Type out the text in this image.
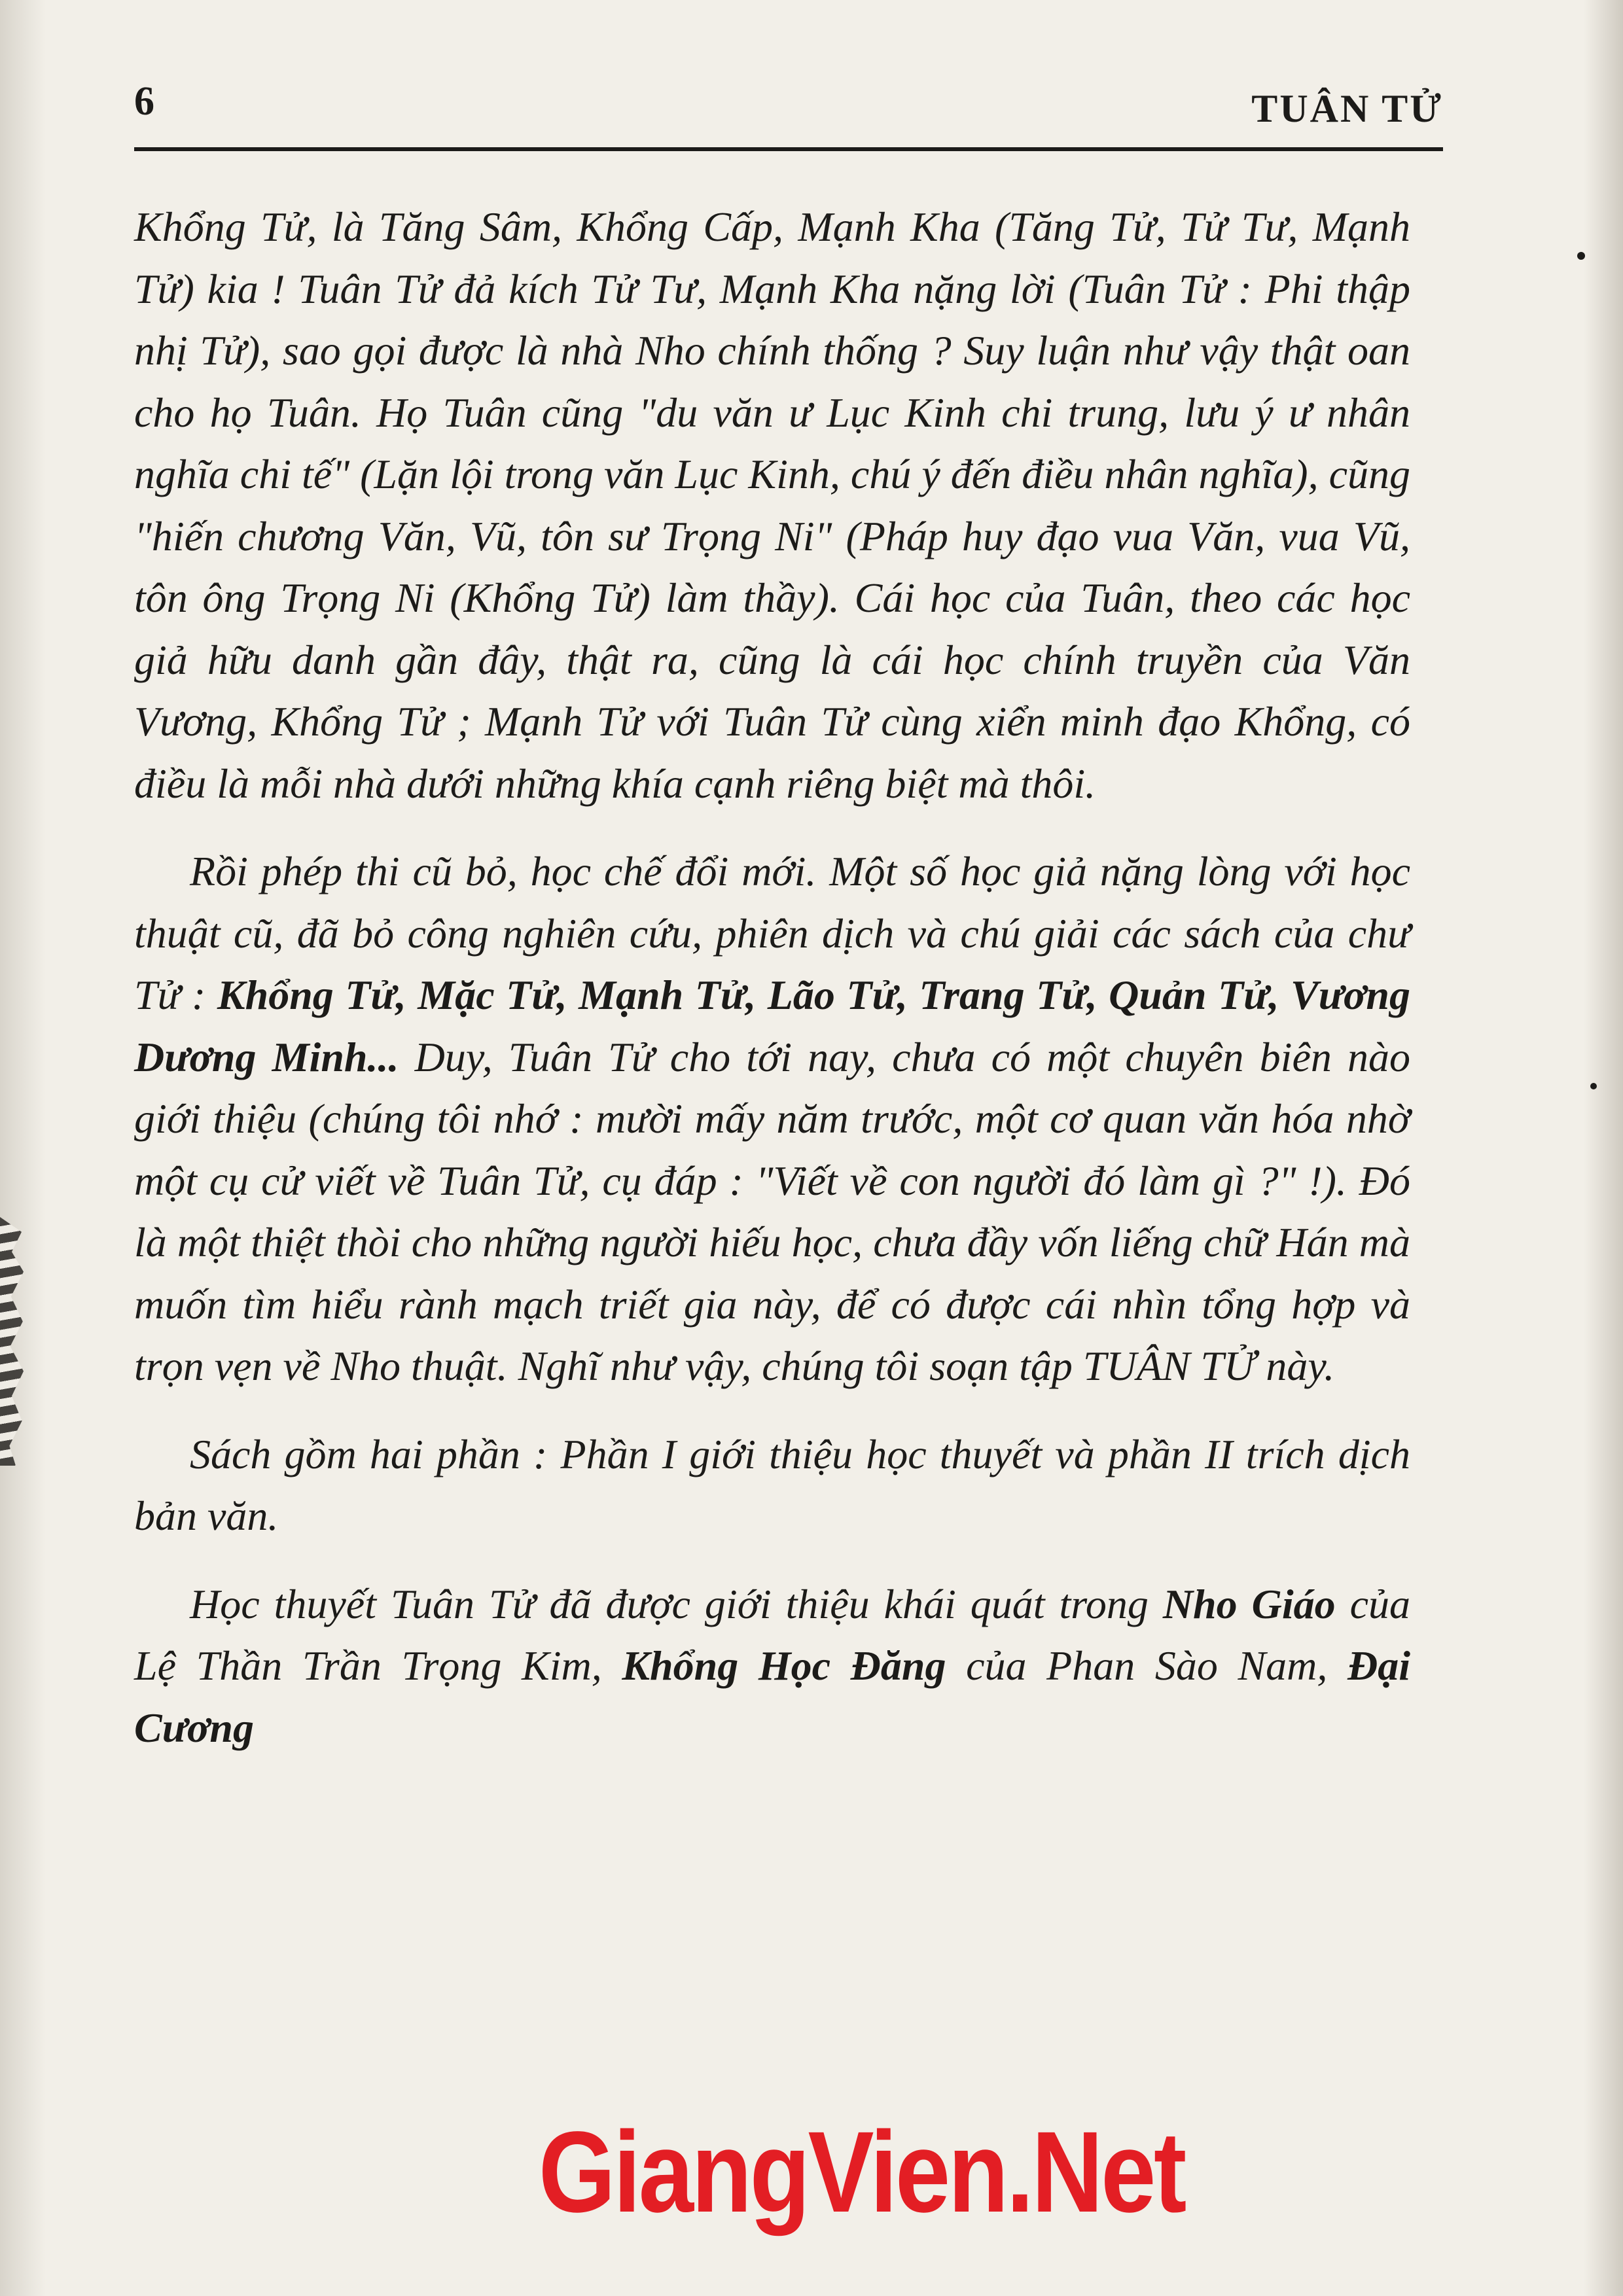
6	TUÂN TỬ

Khổng Tử, là Tăng Sâm, Khổng Cấp, Mạnh Kha (Tăng Tử, Tử Tư, Mạnh Tử) kia ! Tuân Tử đả kích Tử Tư, Mạnh Kha nặng lời (Tuân Tử : Phi thập nhị Tử), sao gọi được là nhà Nho chính thống ? Suy luận như vậy thật oan cho họ Tuân. Họ Tuân cũng "du văn ư Lục Kinh chi trung, lưu ý ư nhân nghĩa chi tế" (Lặn lội trong văn Lục Kinh, chú ý đến điều nhân nghĩa), cũng "hiến chương Văn, Vũ, tôn sư Trọng Ni" (Pháp huy đạo vua Văn, vua Vũ, tôn ông Trọng Ni (Khổng Tử) làm thầy). Cái học của Tuân, theo các học giả hữu danh gần đây, thật ra, cũng là cái học chính truyền của Văn Vương, Khổng Tử ; Mạnh Tử với Tuân Tử cùng xiển minh đạo Khổng, có điều là mỗi nhà dưới những khía cạnh riêng biệt mà thôi.

Rồi phép thi cũ bỏ, học chế đổi mới. Một số học giả nặng lòng với học thuật cũ, đã bỏ công nghiên cứu, phiên dịch và chú giải các sách của chư Tử : Khổng Tử, Mặc Tử, Mạnh Tử, Lão Tử, Trang Tử, Quản Tử, Vương Dương Minh... Duy, Tuân Tử cho tới nay, chưa có một chuyên biên nào giới thiệu (chúng tôi nhớ : mười mấy năm trước, một cơ quan văn hóa nhờ một cụ cử viết về Tuân Tử, cụ đáp : "Viết về con người đó làm gì ?" !). Đó là một thiệt thòi cho những người hiếu học, chưa đầy vốn liếng chữ Hán mà muốn tìm hiểu rành mạch triết gia này, để có được cái nhìn tổng hợp và trọn vẹn về Nho thuật. Nghĩ như vậy, chúng tôi soạn tập TUÂN TỬ này.

Sách gồm hai phần : Phần I giới thiệu học thuyết và phần II trích dịch bản văn.

Học thuyết Tuân Tử đã được giới thiệu khái quát trong Nho Giáo của Lệ Thần Trần Trọng Kim, Khổng Học Đăng của Phan Sào Nam, Đại Cương

GiangVien.Net
